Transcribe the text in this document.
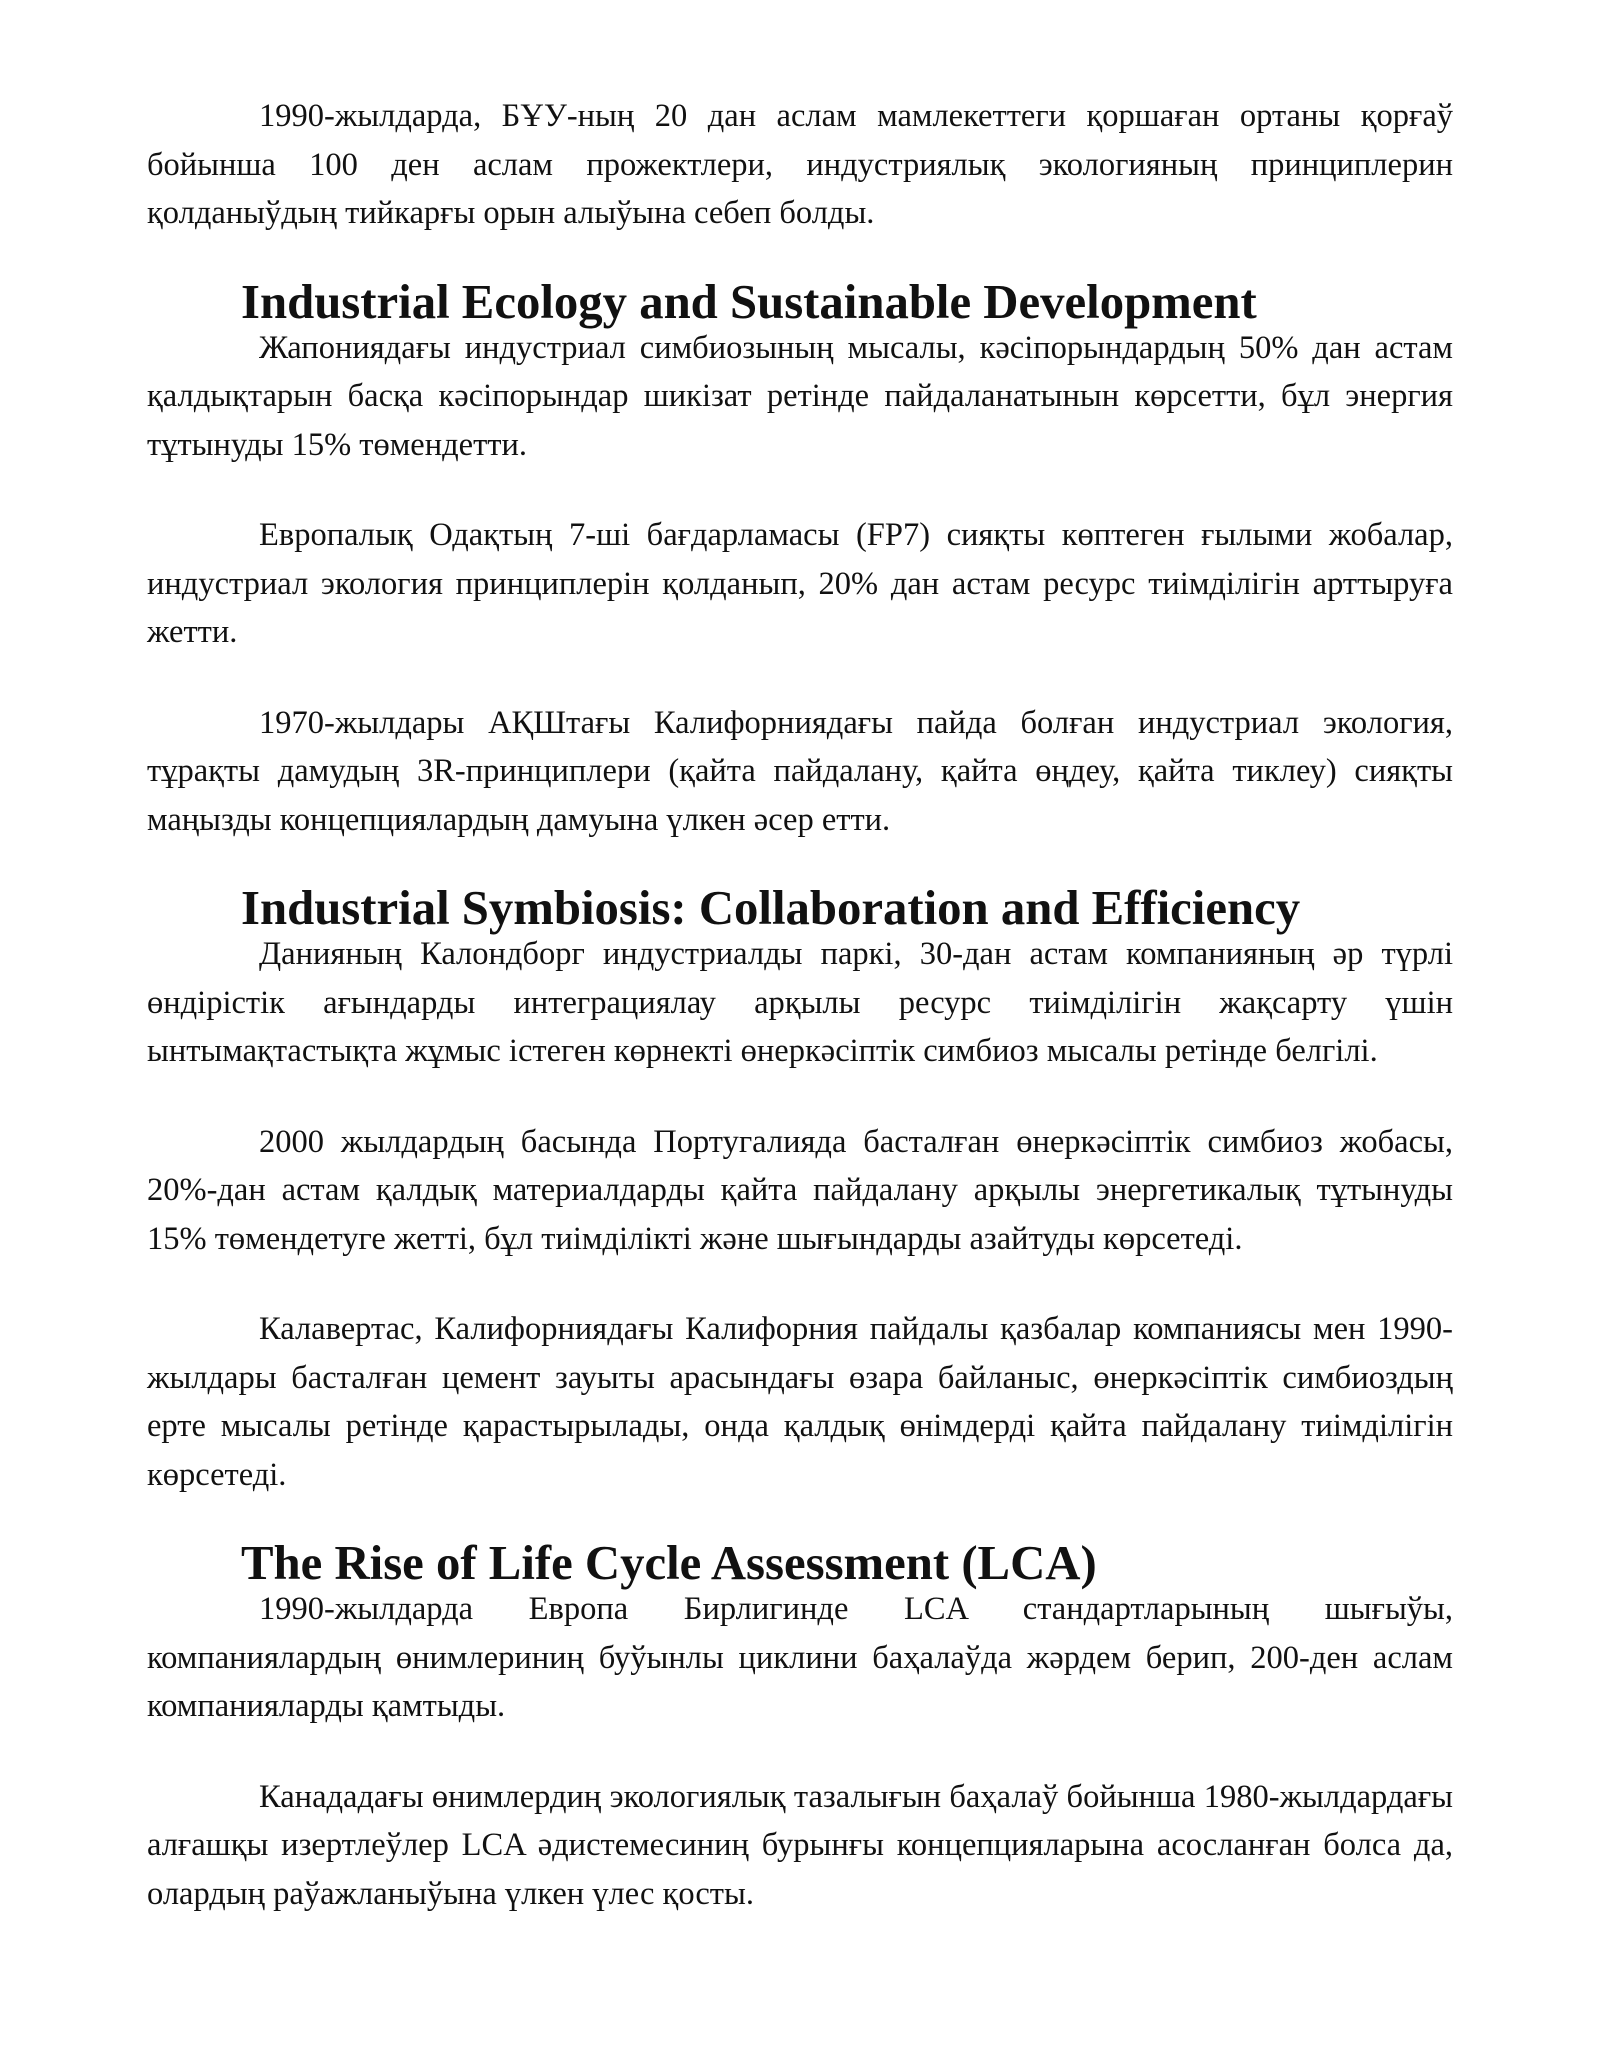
1990-жылдарда, БҰУ-ның 20 дан аслам мамлекеттеги қоршаған ортаны қорғаў бойынша 100 ден аслам прожектлери, индустриялық экологияның принциплерин қолданыўдың тийкарғы орын алыўына себеп болды.

Industrial Ecology and Sustainable Development

Жапониядағы индустриал симбиозының мысалы, кәсіпорындардың 50% дан астам қалдықтарын басқа кәсіпорындар шикізат ретінде пайдаланатынын көрсетти, бұл энергия тұтынуды 15% төмендетти.

Европалық Одақтың 7-ші бағдарламасы (FP7) сияқты көптеген ғылыми жобалар, индустриал экология принциплерін қолданып, 20% дан астам ресурс тиімділігін арттыруға жетти.

1970-жылдары АҚШтағы Калифорниядағы пайда болған индустриал экология, тұрақты дамудың 3R-принциплери (қайта пайдалану, қайта өңдеу, қайта тиклеу) сияқты маңызды концепциялардың дамуына үлкен әсер етти.

Industrial Symbiosis: Collaboration and Efficiency

Данияның Калондборг индустриалды паркі, 30-дан астам компанияның әр түрлі өндірістік ағындарды интеграциялау арқылы ресурс тиімділігін жақсарту үшін ынтымақтастықта жұмыс істеген көрнекті өнеркәсіптік симбиоз мысалы ретінде белгілі.

2000 жылдардың басында Португалияда басталған өнеркәсіптік симбиоз жобасы, 20%-дан астам қалдық материалдарды қайта пайдалану арқылы энергетикалық тұтынуды 15% төмендетуге жетті, бұл тиімділікті және шығындарды азайтуды көрсетеді.

Калавертас, Калифорниядағы Калифорния пайдалы қазбалар компаниясы мен 1990-жылдары басталған цемент зауыты арасындағы өзара байланыс, өнеркәсіптік симбиоздың ерте мысалы ретінде қарастырылады, онда қалдық өнімдерді қайта пайдалану тиімділігін көрсетеді.

The Rise of Life Cycle Assessment (LCA)

1990-жылдарда Европа Бирлигинде LCA стандартларының шығыўы, компаниялардың өнимлериниң буўынлы циклини баҳалаўда жәрдем берип, 200-ден аслам компанияларды қамтыды.

Канададағы өнимлердиң экологиялық тазалығын баҳалаў бойынша 1980-жылдардағы алғашқы изертлеўлер LCA әдистемесиниң бурынғы концепцияларына асосланған болса да, олардың раўажланыўына үлкен үлес қосты.
